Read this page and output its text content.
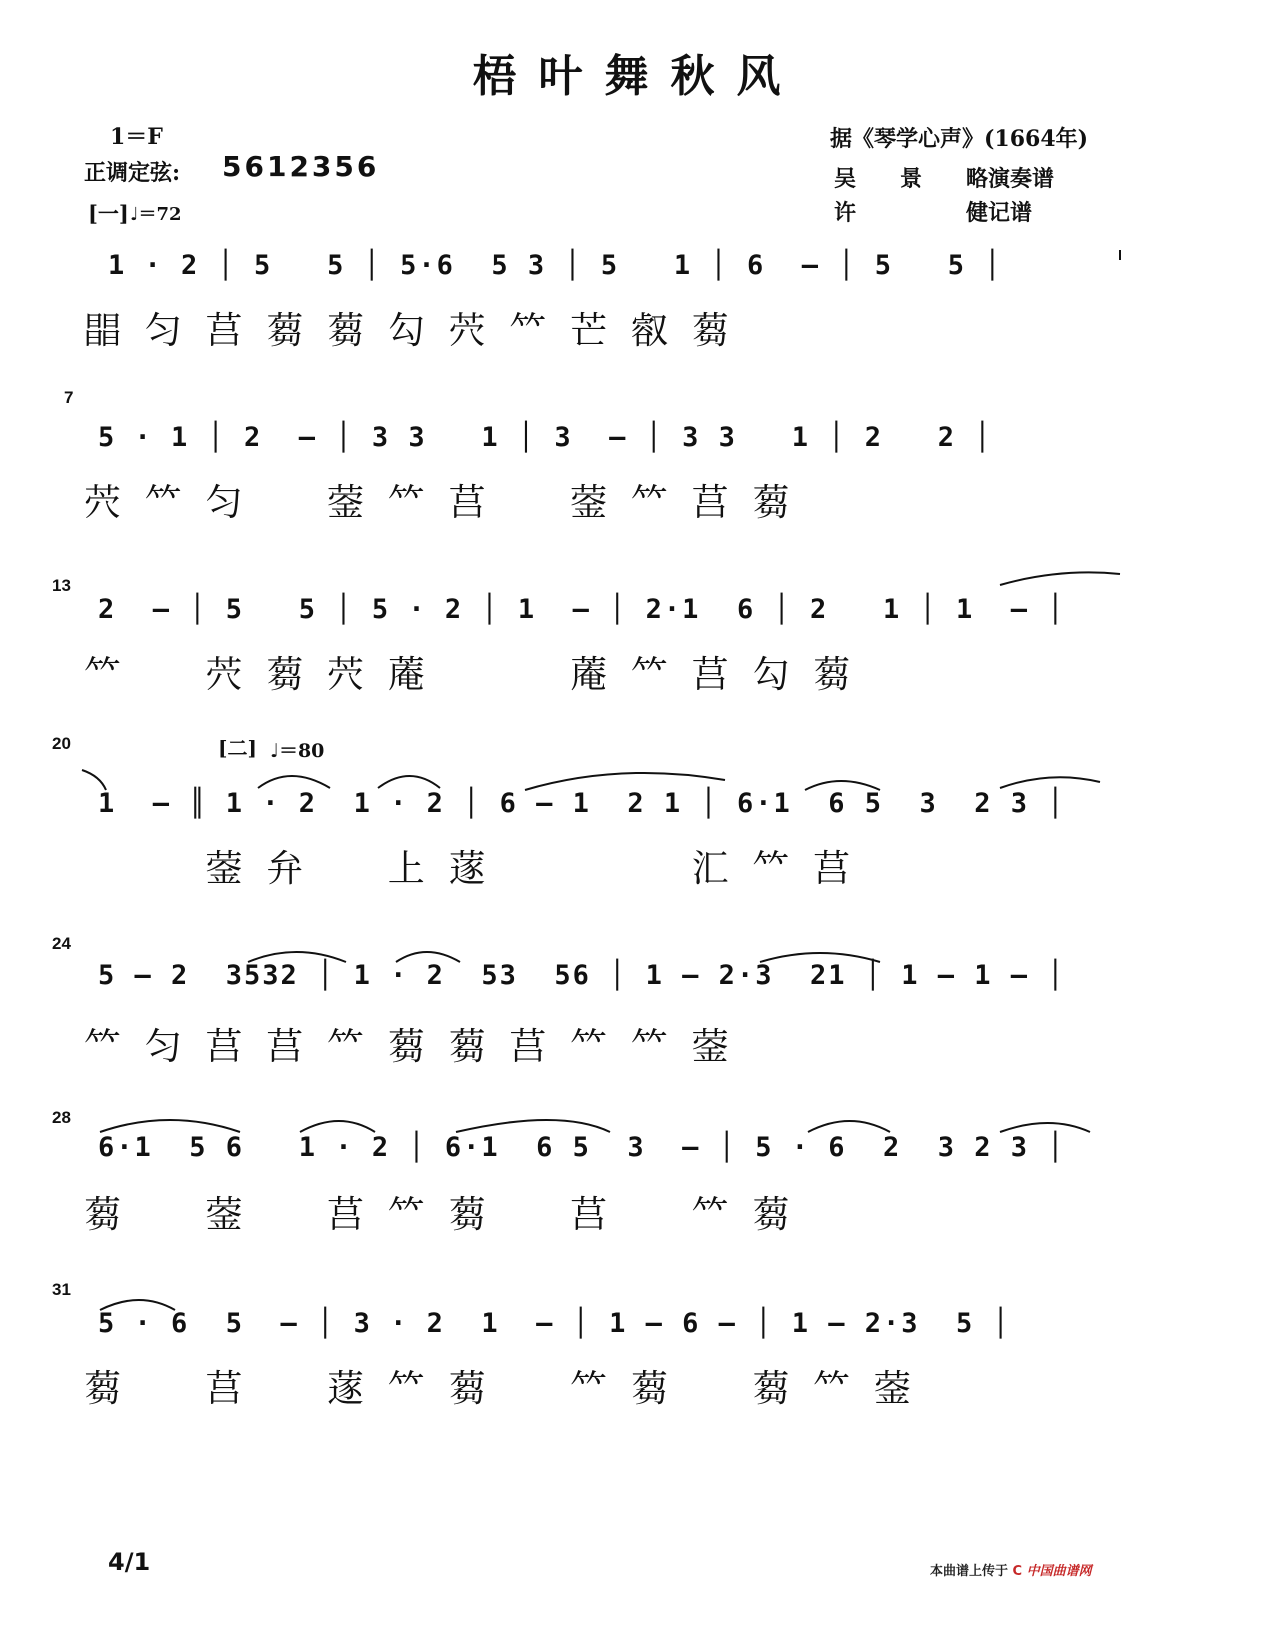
梧叶舞秋风
1＝F
正调定弦: 5612356
[一] ♩＝72
据《琴学心声》(1664年)
吴　　景　　略演奏谱
许　　　　　健记谱
1 · 2 │ 5   5 │ 5·6  5 3 │ 5   1 │ 6  — │ 5   5 │
𣊭 匀 莒 蒭 蒭 勾 茓 𥫗 芒 㕡 蒭
7
5 · 1 │ 2  — │ 3 3   1 │ 3  — │ 3 3   1 │ 2   2 │
茓 𥫗 匀 　 蓥 𥫗 莒 　 蓥 𥫗 莒 蒭
13
2  — │ 5   5 │ 5 · 2 │ 1  — │ 2·1  6 │ 2   1 │ 1  — │
𥫗 　 茓 蒭 茓 蓭 　 　 蓭 𥫗 莒 勾 蒭
20	[二] ♩＝80
1  — ║ 1 · 2  1 · 2 │ 6 — 1  2 1 │ 6·1  6 5  3  2 3 │
　 　 蓥 弁 　 上 蓫 　 　 　 汇 𥫗 莒
24
5 — 2  3532 │ 1 · 2  53  56 │ 1 — 2·3  21 │ 1 — 1 — │
𥫗 匀 莒 莒 𥫗 蒭 蒭 莒 𥫗 𥫗 蓥
28
6·1  5 6   1 · 2 │ 6·1  6 5  3  — │ 5 · 6  2  3 2 3 │
蒭 　 蓥 　 莒 𥫗 蒭 　 莒 　 𥫗 蒭
31
5 · 6  5  — │ 3 · 2  1  — │ 1 — 6 — │ 1 — 2·3  5 │
蒭 　 莒 　 蓫 𥫗 蒭 　 𥫗 蒭 　 蒭 𥫗 蓥
4/1	本曲谱上传于 C 中国曲谱网
